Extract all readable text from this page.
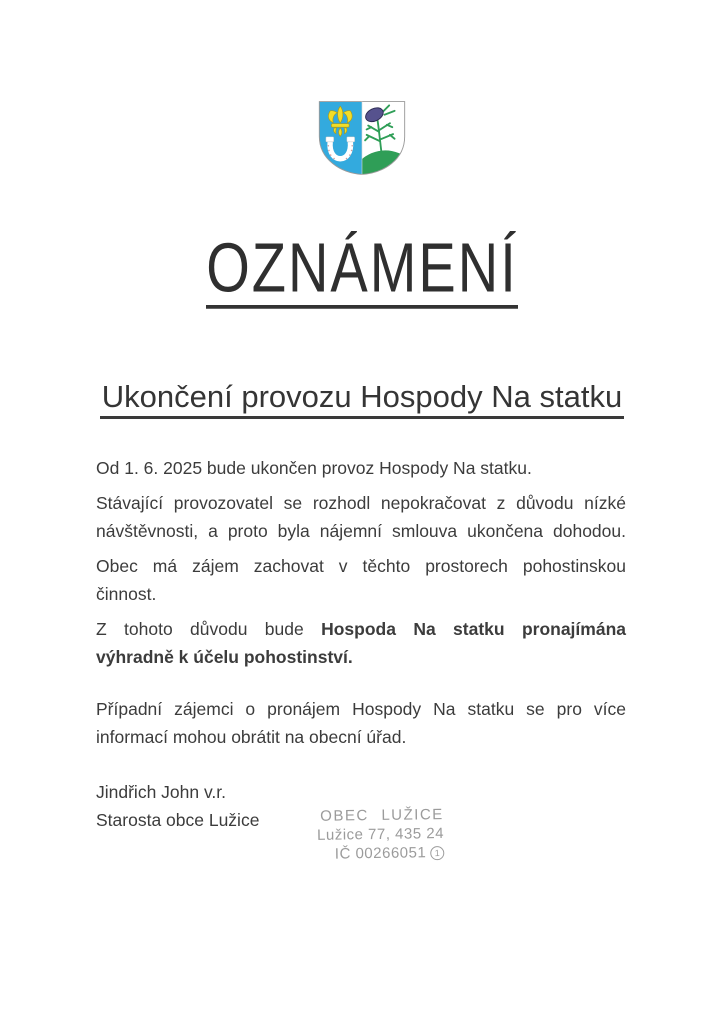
OZNÁMENÍ
Ukončení provozu Hospody Na statku
Od 1. 6. 2025 bude ukončen provoz Hospody Na statku.
Stávající provozovatel se rozhodl nepokračovat z důvodu nízké
návštěvnosti, a proto byla nájemní smlouva ukončena dohodou.
Obec má zájem zachovat v těchto prostorech pohostinskou
činnost.
Z tohoto důvodu bude Hospoda Na statku pronajímána
výhradně k účelu pohostinství.
Případní zájemci o pronájem Hospody Na statku se pro více
informací mohou obrátit na obecní úřad.
Jindřich John v.r.
Starosta obce Lužice	OBEC LUŽICE
Lužice 77, 435 24
IČ 00266051 1
